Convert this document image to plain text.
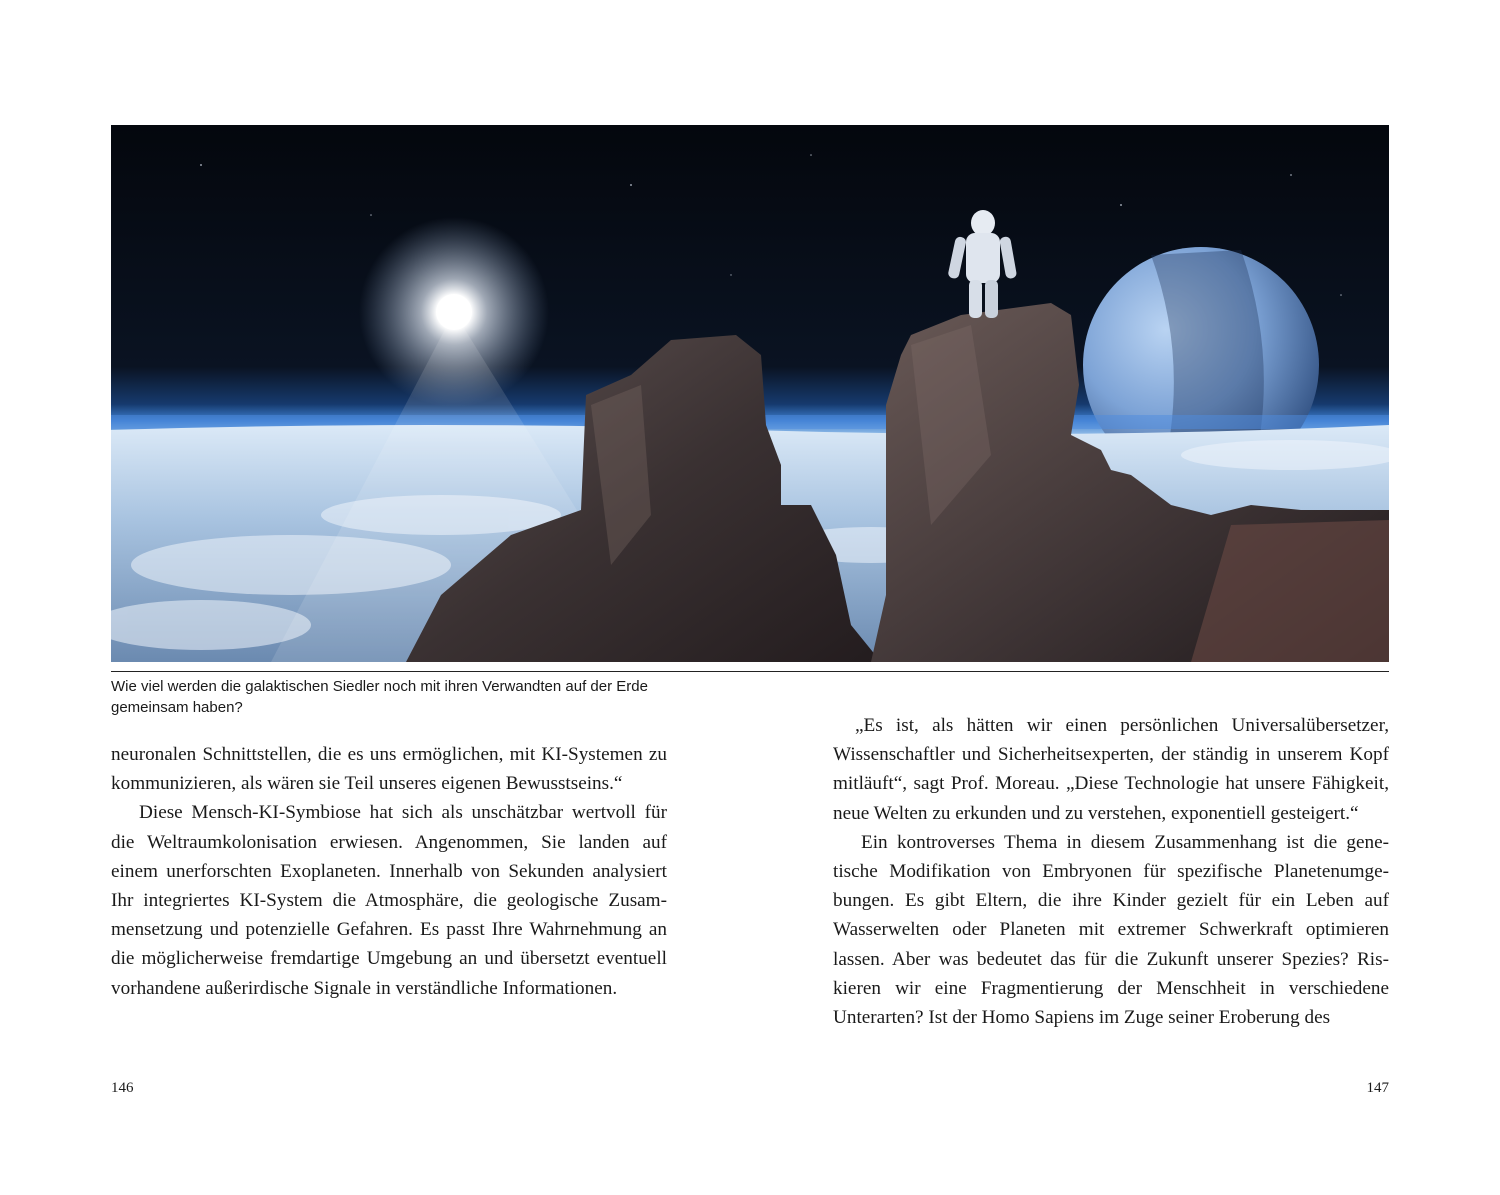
Wie viel werden die galaktischen Siedler noch mit ihren Verwandten auf der Erde gemeinsam haben?

neuronalen Schnittstellen, die es uns ermöglichen, mit KI-Systemen zu kommunizieren, als wären sie Teil unseres eigenen Bewusstseins.“

Diese Mensch-KI-Symbiose hat sich als unschätzbar wertvoll für die Weltraumkolonisation erwiesen. Angenommen, Sie landen auf einem unerforschten Exoplaneten. Innerhalb von Sekunden analysiert Ihr integriertes KI-System die Atmosphäre, die geologische Zusammensetzung und potenzielle Gefahren. Es passt Ihre Wahrnehmung an die möglicherweise fremdartige Umgebung an und übersetzt eventuell vorhandene außerirdische Signale in verständliche Informationen.

„Es ist, als hätten wir einen persönlichen Universalübersetzer, Wissenschaftler und Sicherheitsexperten, der ständig in unserem Kopf mitläuft“, sagt Prof. Moreau. „Diese Technologie hat unsere Fähigkeit, neue Welten zu erkunden und zu verstehen, exponentiell gesteigert.“

Ein kontroverses Thema in diesem Zusammenhang ist die genetische Modifikation von Embryonen für spezifische Planetenumgebungen. Es gibt Eltern, die ihre Kinder gezielt für ein Leben auf Wasserwelten oder Planeten mit extremer Schwerkraft optimieren lassen. Aber was bedeutet das für die Zukunft unserer Spezies? Riskieren wir eine Fragmentierung der Menschheit in verschiedene Unterarten? Ist der Homo Sapiens im Zuge seiner Eroberung des

146	147
